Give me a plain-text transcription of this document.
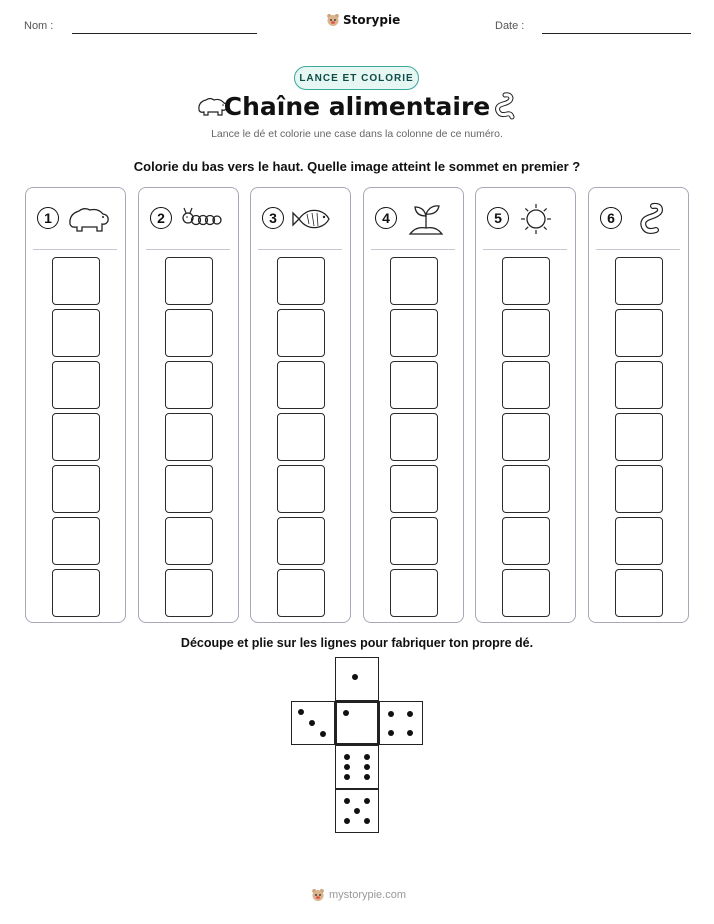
Nom :	Storypie	Date :
LANCE ET COLORIE
Chaîne alimentaire
Lance le dé et colorie une case dans la colonne de ce numéro.
Colorie du bas vers le haut. Quelle image atteint le sommet en premier ?
1	2	3	4	5	6
Découpe et plie sur les lignes pour fabriquer ton propre dé.
mystorypie.com
